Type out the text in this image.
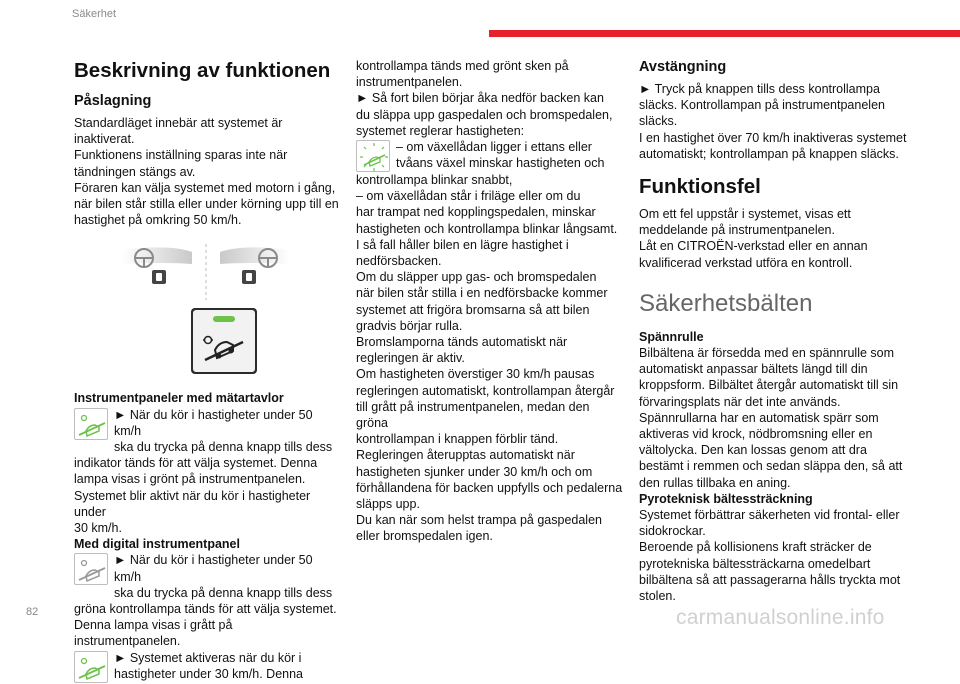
Säkerhet
Beskrivning av funktionen
Påslagning
Standardläget innebär att systemet är
inaktiverat.
Funktionens inställning sparas inte när
tändningen stängs av.
Föraren kan välja systemet med motorn i gång,
när bilen står stilla eller under körning upp till en
hastighet på omkring 50 km/h.
Instrumentpaneler med mätartavlor
► När du kör i hastigheter under 50 km/h
ska du trycka på denna knapp tills dess
indikator tänds för att välja systemet. Denna
lampa visas i grönt på instrumentpanelen.
Systemet blir aktivt när du kör i hastigheter under
30 km/h.
Med digital instrumentpanel
► När du kör i hastigheter under 50 km/h
ska du trycka på denna knapp tills dess
gröna kontrollampa tänds för att välja systemet.
Denna lampa visas i grått på instrumentpanelen.
► Systemet aktiveras när du kör i
hastigheter under 30 km/h. Denna
kontrollampa tänds med grönt sken på
instrumentpanelen.
► Så fort bilen börjar åka nedför backen kan
du släppa upp gaspedalen och bromspedalen,
systemet reglerar hastigheten:
– om växellådan ligger i ettans eller
tvåans växel minskar hastigheten och
kontrollampa blinkar snabbt,
– om växellådan står i friläge eller om du
har trampat ned kopplingspedalen, minskar
hastigheten och kontrollampa blinkar långsamt.
I så fall håller bilen en lägre hastighet i
nedförsbacken.
Om du släpper upp gas- och bromspedalen
när bilen står stilla i en nedförsbacke kommer
systemet att frigöra bromsarna så att bilen
gradvis börjar rulla.
Bromslamporna tänds automatiskt när
regleringen är aktiv.
Om hastigheten överstiger 30 km/h pausas
regleringen automatiskt, kontrollampan återgår
till grått på instrumentpanelen, medan den gröna
kontrollampan i knappen förblir tänd.
Regleringen återupptas automatiskt när
hastigheten sjunker under 30 km/h och om
förhållandena för backen uppfylls och pedalerna
släpps upp.
Du kan när som helst trampa på gaspedalen
eller bromspedalen igen.
Avstängning
► Tryck på knappen tills dess kontrollampa
släcks. Kontrollampan på instrumentpanelen
släcks.
I en hastighet över 70 km/h inaktiveras systemet
automatiskt; kontrollampan på knappen släcks.
Funktionsfel
Om ett fel uppstår i systemet, visas ett
meddelande på instrumentpanelen.
Låt en CITROËN-verkstad eller en annan
kvalificerad verkstad utföra en kontroll.
Säkerhetsbälten
Spännrulle
Bilbältena är försedda med en spännrulle som
automatiskt anpassar bältets längd till din
kroppsform. Bilbältet återgår automatiskt till sin
förvaringsplats när det inte används.
Spännrullarna har en automatisk spärr som
aktiveras vid krock, nödbromsning eller en
vältolycka. Den kan lossas genom att dra
bestämt i remmen och sedan släppa den, så att
den rullas tillbaka en aning.
Pyroteknisk bältessträckning
Systemet förbättrar säkerheten vid frontal- eller
sidokrockar.
Beroende på kollisionens kraft sträcker de
pyrotekniska bältessträckarna omedelbart
bilbältena så att passagerarna hålls tryckta mot
stolen.
82	carmanualsonline.info
